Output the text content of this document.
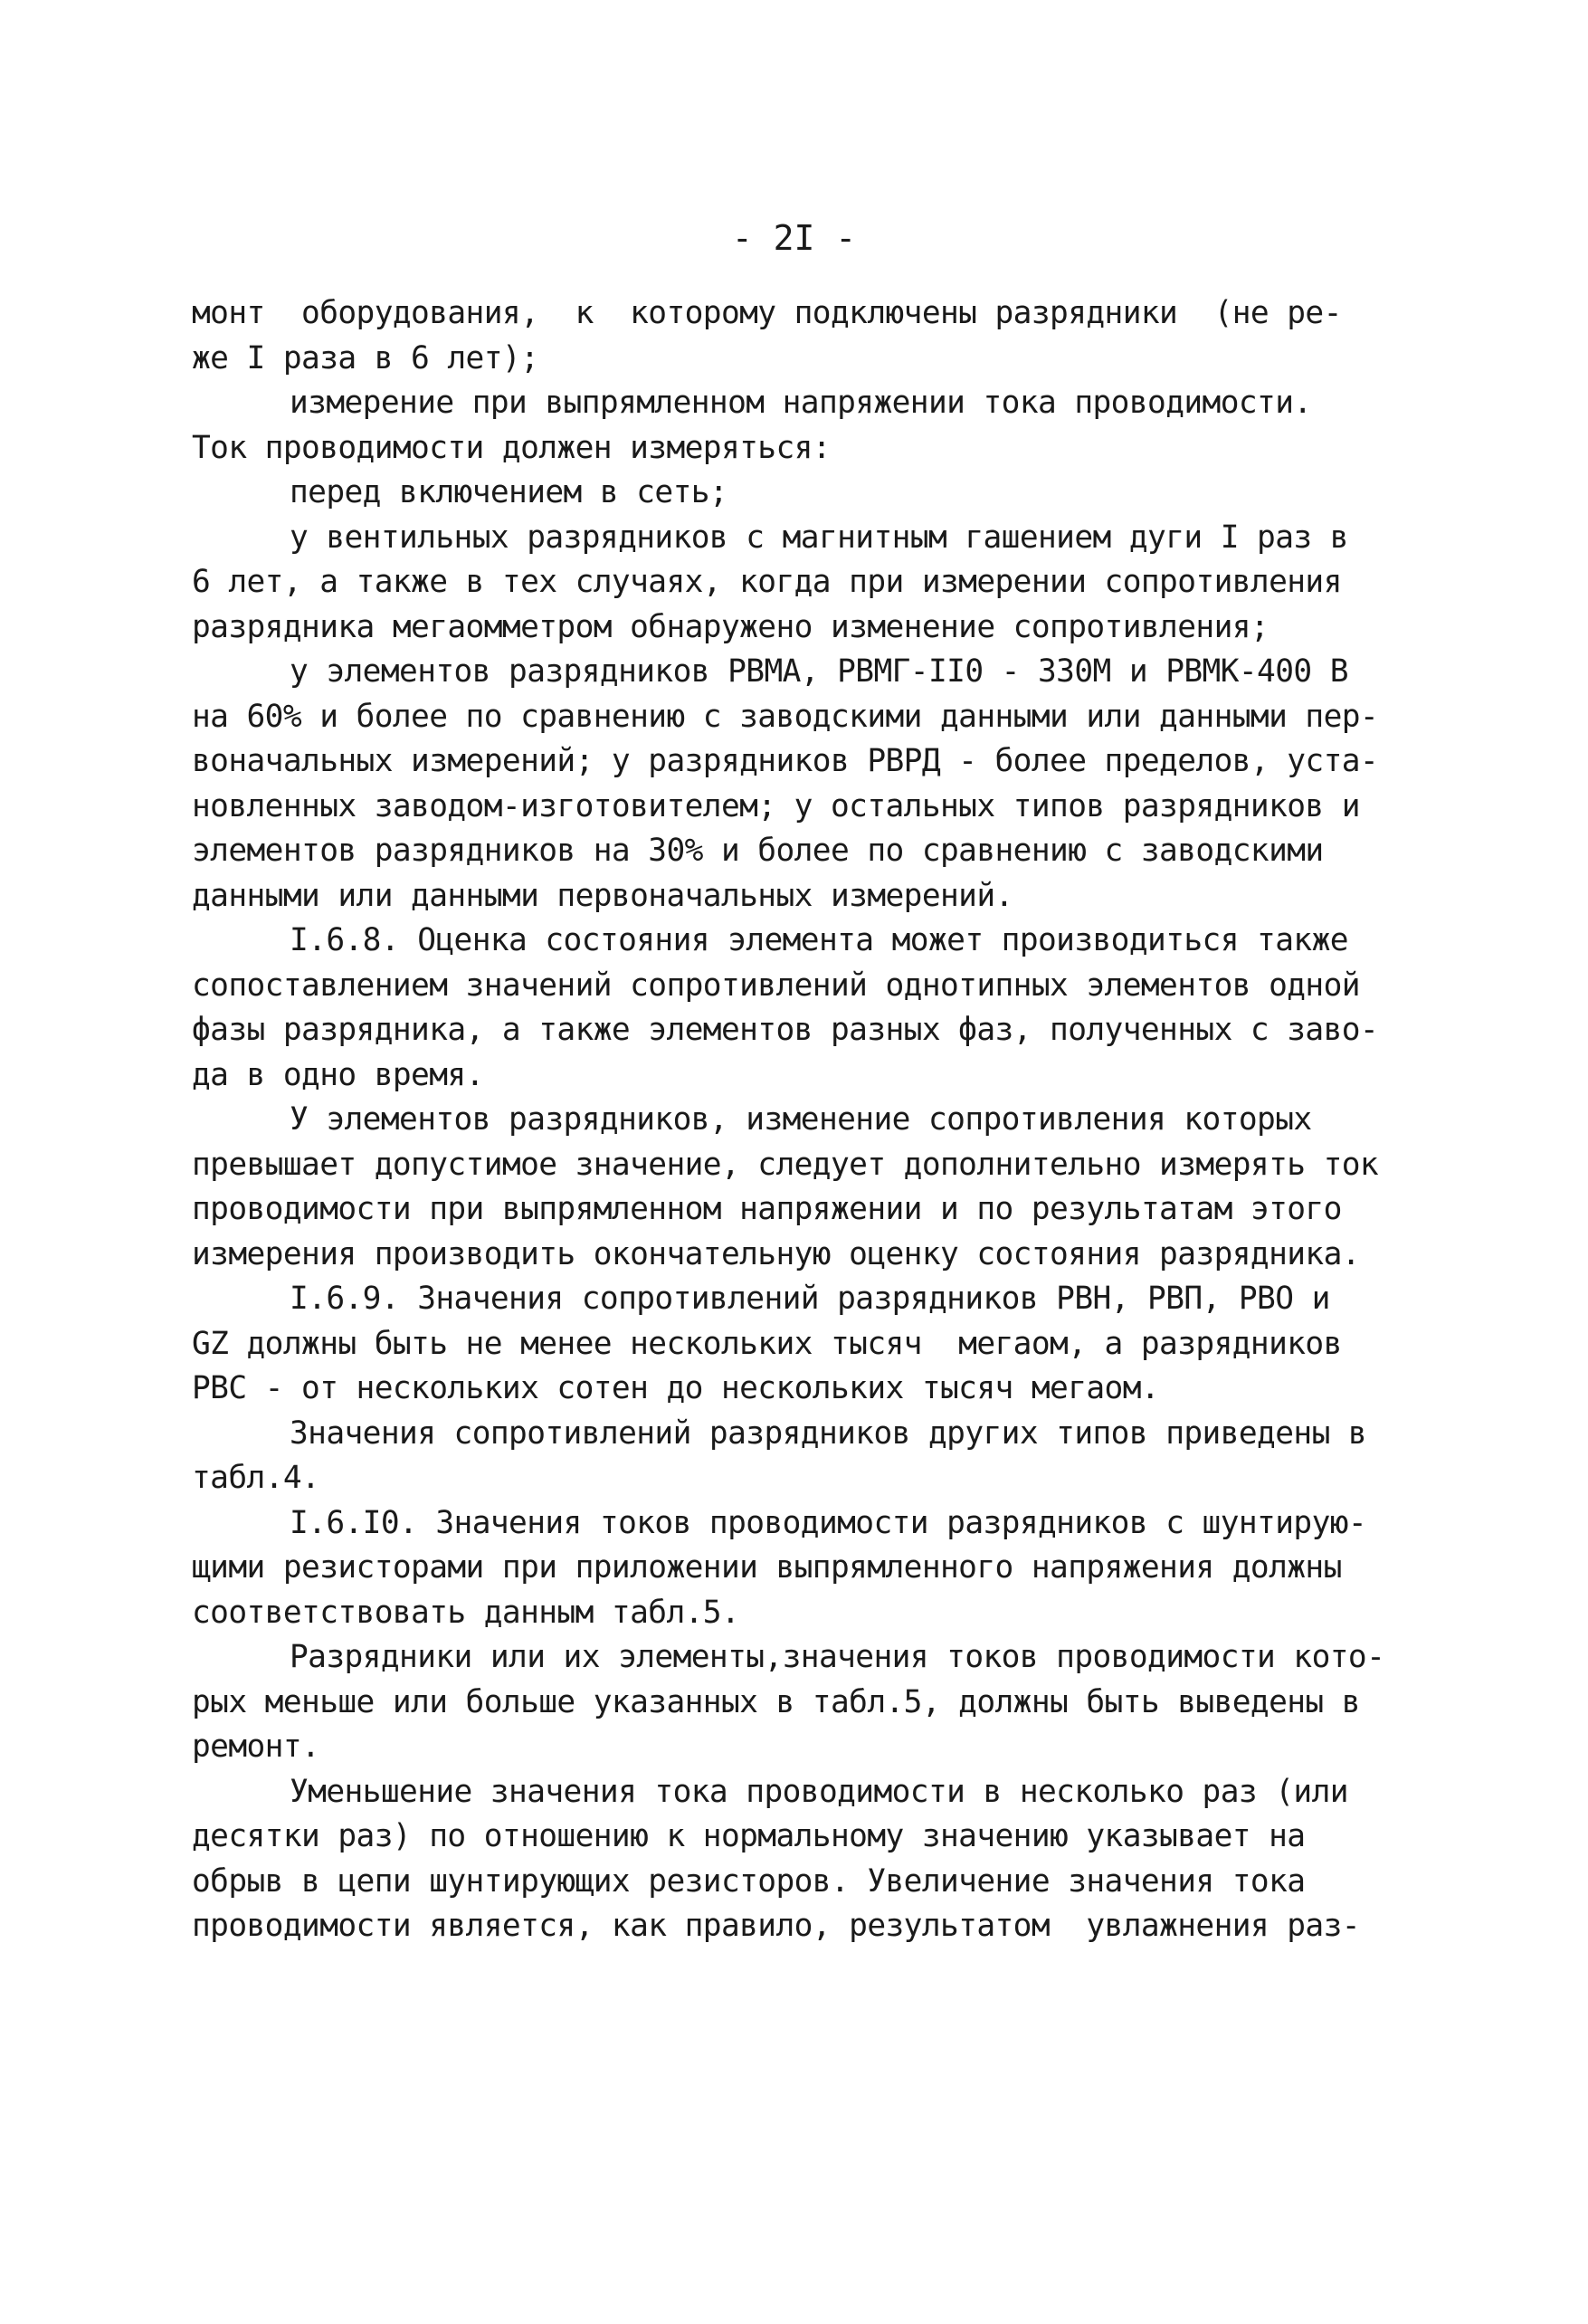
- 2I -
монт  оборудования,  к  которому подключены разрядники  (не ре-
же I раза в 6 лет);
измерение при выпрямленном напряжении тока проводимости.
Ток проводимости должен измеряться:
перед включением в сеть;
у вентильных разрядников с магнитным гашением дуги I раз в
6 лет, а также в тех случаях, когда при измерении сопротивления
разрядника мегаомметром обнаружено изменение сопротивления;
у элементов разрядников РВМА, РВМГ-II0 - 330М и РВМК-400 В
на 60% и более по сравнению с заводскими данными или данными пер-
воначальных измерений; у разрядников РВРД - более пределов, уста-
новленных заводом-изготовителем; у остальных типов разрядников и
элементов разрядников на 30% и более по сравнению с заводскими
данными или данными первоначальных измерений.
I.6.8. Оценка состояния элемента может производиться также
сопоставлением значений сопротивлений однотипных элементов одной
фазы разрядника, а также элементов разных фаз, полученных с заво-
да в одно время.
У элементов разрядников, изменение сопротивления которых
превышает допустимое значение, следует дополнительно измерять ток
проводимости при выпрямленном напряжении и по результатам этого
измерения производить окончательную оценку состояния разрядника.
I.6.9. Значения сопротивлений разрядников РВН, РВП, РВО и
GZ должны быть не менее нескольких тысяч  мегаом, а разрядников
РВС - от нескольких сотен до нескольких тысяч мегаом.
Значения сопротивлений разрядников других типов приведены в
табл.4.
I.6.I0. Значения токов проводимости разрядников с шунтирую-
щими резисторами при приложении выпрямленного напряжения должны
соответствовать данным табл.5.
Разрядники или их элементы,значения токов проводимости кото-
рых меньше или больше указанных в табл.5, должны быть выведены в
ремонт.
Уменьшение значения тока проводимости в несколько раз (или
десятки раз) по отношению к нормальному значению указывает на
обрыв в цепи шунтирующих резисторов. Увеличение значения тока
проводимости является, как правило, результатом  увлажнения раз-
